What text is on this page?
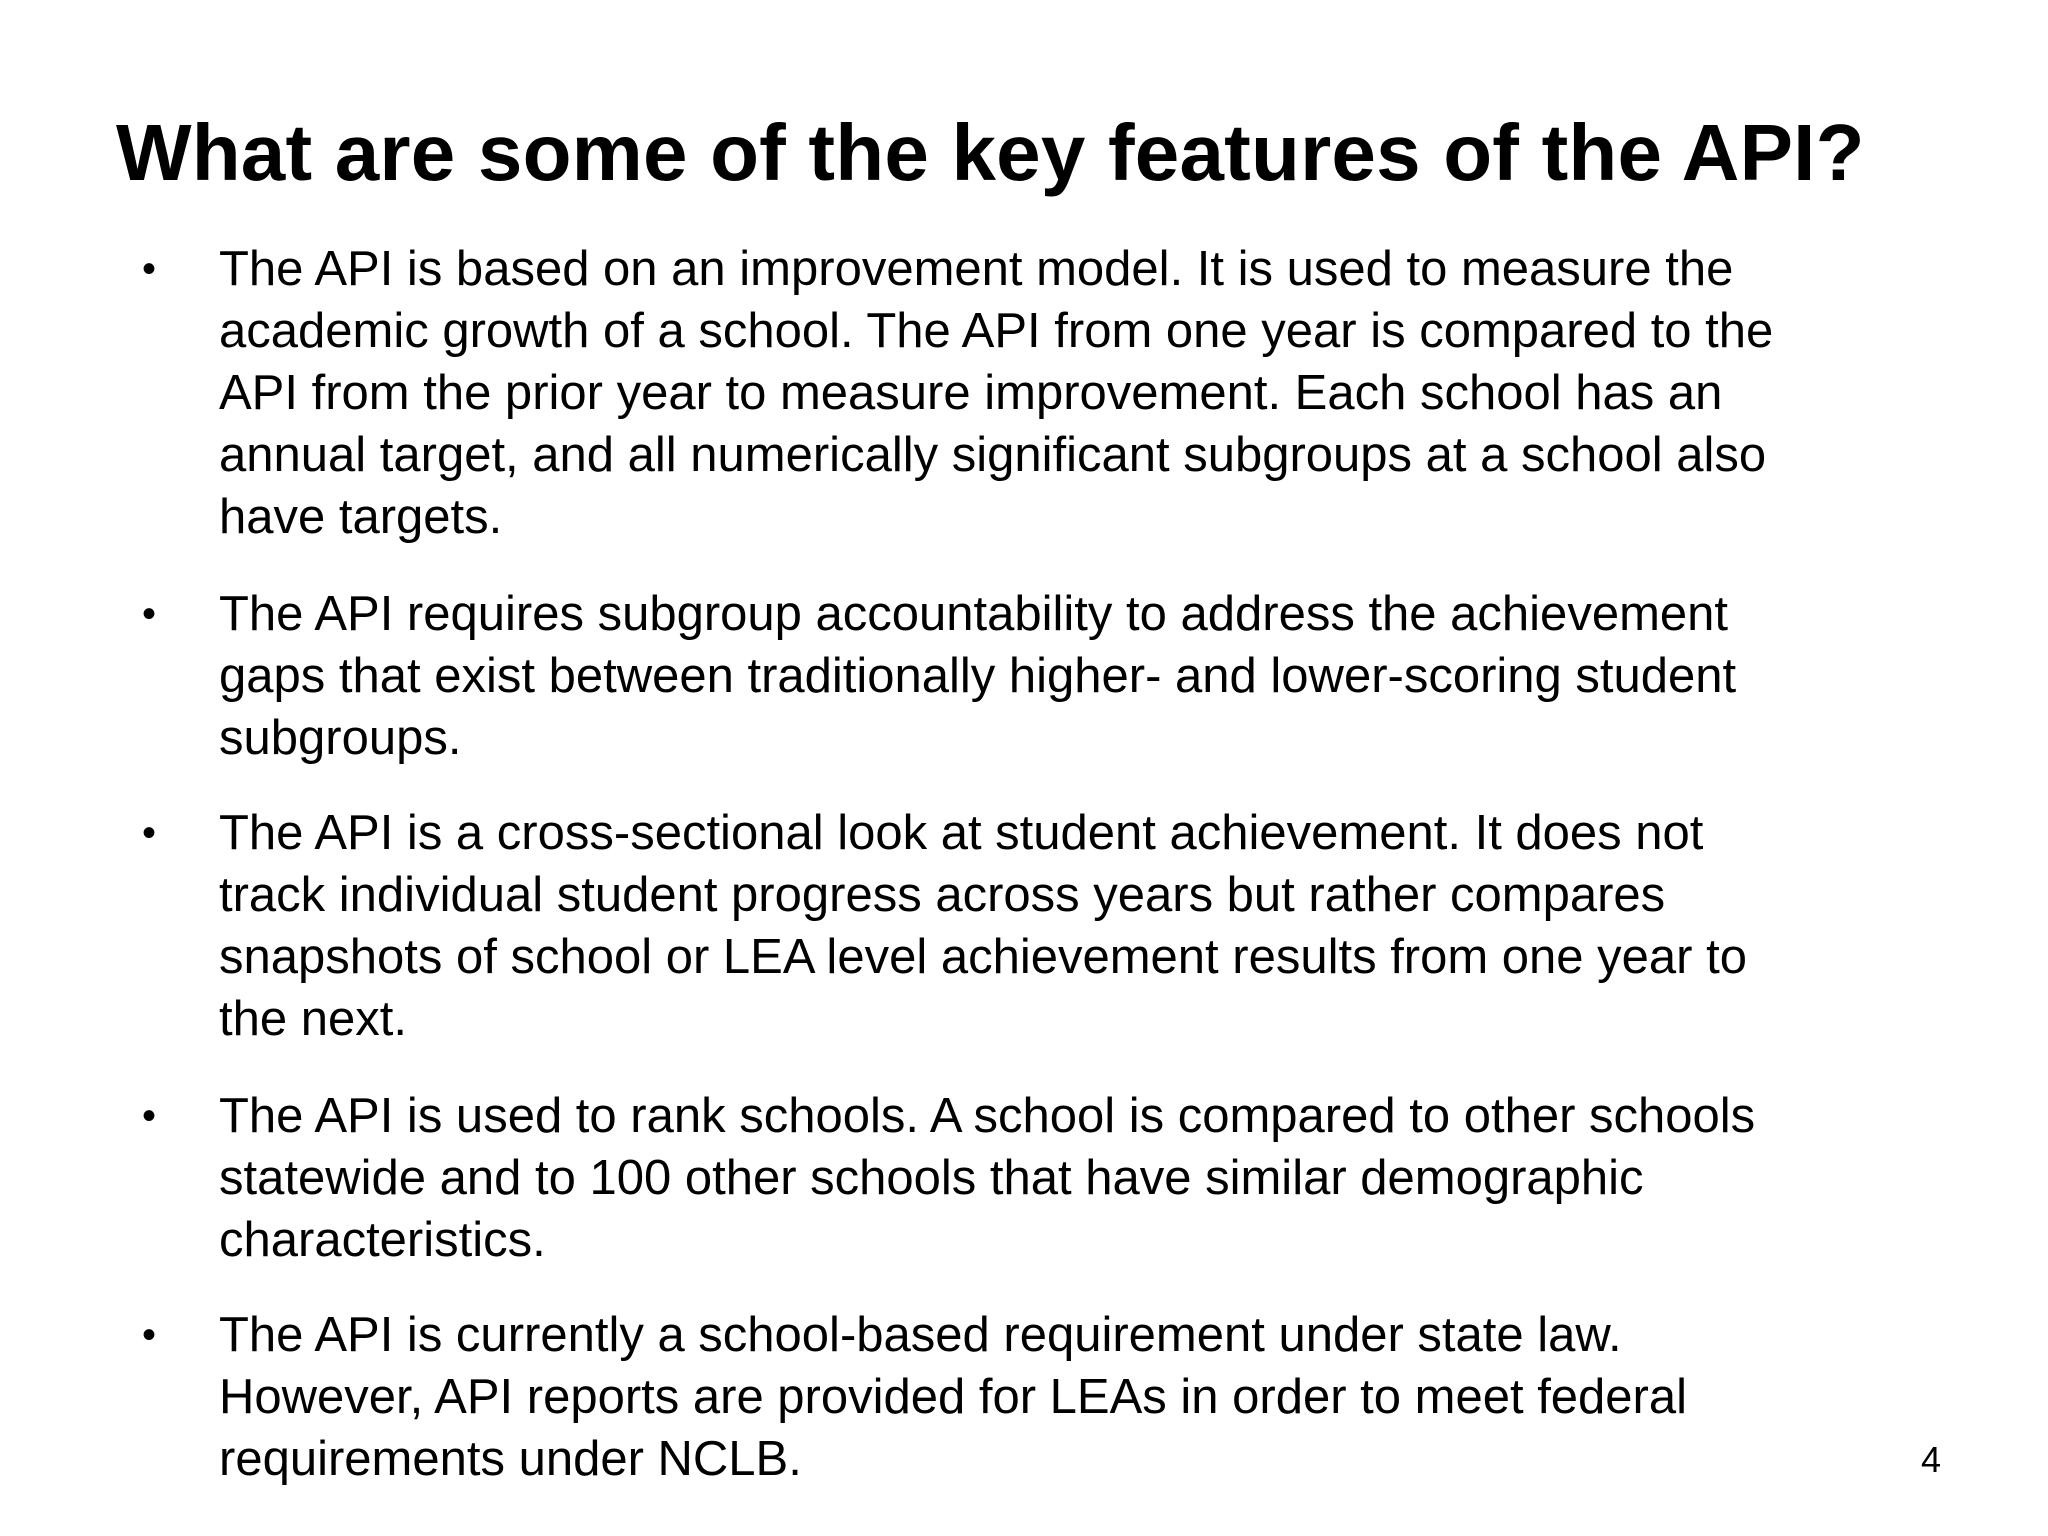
What are some of the key features of the API?
• The API is based on an improvement model. It is used to measure the
academic growth of a school. The API from one year is compared to the
API from the prior year to measure improvement. Each school has an
annual target, and all numerically significant subgroups at a school also
have targets.

• The API requires subgroup accountability to address the achievement
gaps that exist between traditionally higher- and lower-scoring student
subgroups.

• The API is a cross-sectional look at student achievement. It does not
track individual student progress across years but rather compares
snapshots of school or LEA level achievement results from one year to
the next.

• The API is used to rank schools. A school is compared to other schools
statewide and to 100 other schools that have similar demographic
characteristics.

• The API is currently a school-based requirement under state law.
However, API reports are provided for LEAs in order to meet federal
requirements under NCLB.	4
